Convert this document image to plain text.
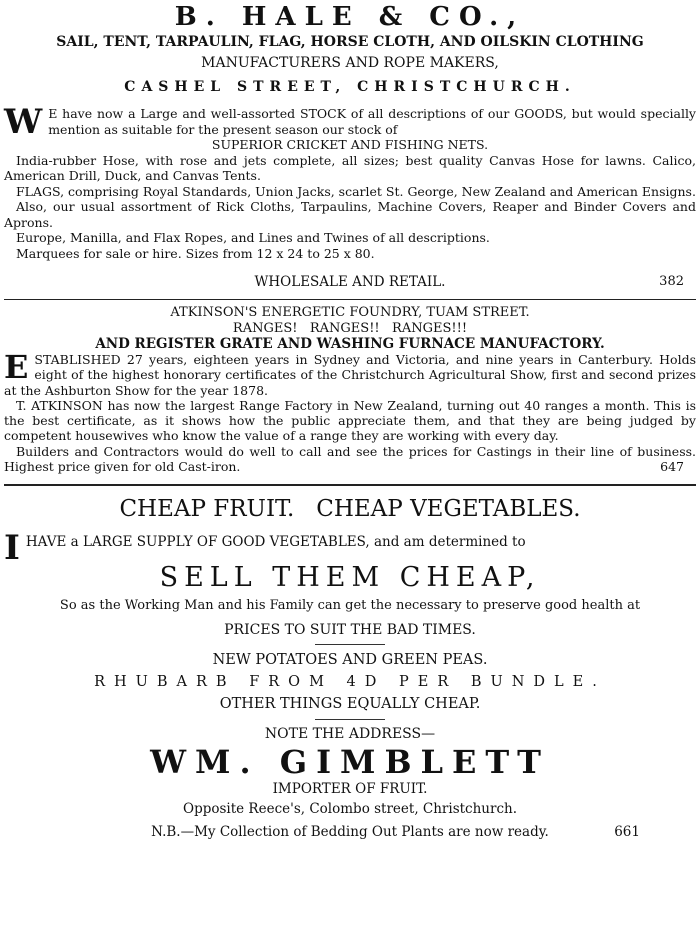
B. HALE & CO.,
SAIL, TENT, TARPAULIN, FLAG, HORSE CLOTH, AND OILSKIN CLOTHING
MANUFACTURERS AND ROPE MAKERS,
CASHEL STREET, CHRISTCHURCH.
W E have now a Large and well-assorted STOCK of all descriptions of our GOODS, but would specially mention as suitable for the present season our stock of
SUPERIOR CRICKET AND FISHING NETS.

India-rubber Hose, with rose and jets complete, all sizes; best quality Canvas Hose for lawns. Calico, American Drill, Duck, and Canvas Tents.

FLAGS, comprising Royal Standards, Union Jacks, scarlet St. George, New Zealand and American Ensigns.

Also, our usual assortment of Rick Cloths, Tarpaulins, Machine Covers, Reaper and Binder Covers and Aprons.

Europe, Manilla, and Flax Ropes, and Lines and Twines of all descriptions.

Marquees for sale or hire. Sizes from 12 x 24 to 25 x 80.

WHOLESALE AND RETAIL.	382
ATKINSON'S ENERGETIC FOUNDRY, TUAM STREET.
RANGES!   RANGES!!   RANGES!!!
AND REGISTER GRATE AND WASHING FURNACE MANUFACTORY.
E STABLISHED 27 years, eighteen years in Sydney and Victoria, and nine years in Canterbury. Holds eight of the highest honorary certificates of the Christchurch Agricultural Show, first and second prizes at the Ashburton Show for the year 1878.

T. ATKINSON has now the largest Range Factory in New Zealand, turning out 40 ranges a month. This is the best certificate, as it shows how the public appreciate them, and that they are being judged by competent housewives who know the value of a range they are working with every day.

Builders and Contractors would do well to call and see the prices for Castings in their line of business. Highest price given for old Cast-iron.	647

CHEAP FRUIT.   CHEAP VEGETABLES.
I HAVE a LARGE SUPPLY OF GOOD VEGETABLES, and am determined to
SELL THEM CHEAP,
So as the Working Man and his Family can get the necessary to preserve good health at
PRICES TO SUIT THE BAD TIMES.
NEW POTATOES AND GREEN PEAS.
RHUBARB FROM 4D PER BUNDLE.
OTHER THINGS EQUALLY CHEAP.
NOTE THE ADDRESS—
WM. GIMBLETT
IMPORTER OF FRUIT.
Opposite Reece's, Colombo street, Christchurch.
N.B.—My Collection of Bedding Out Plants are now ready.	661
